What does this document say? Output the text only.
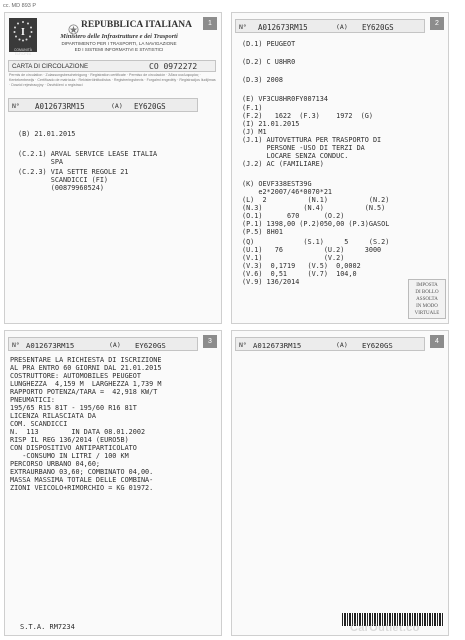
cc. MD 893 P
1
I
COMUNITÀ EUROPEA
REPUBBLICA ITALIANA
Ministero delle Infrastrutture e dei Trasporti
DIPARTIMENTO PER I TRASPORTI, LA NAVIGAZIONE
ED I SISTEMI INFORMATIVI E STATISTICI
CARTA DI CIRCOLAZIONE	CO 0972272
Permis de circulation · Zulassungsbescheinigung · Registration certificate · Permiso de circulación · Άδεια κυκλοφορίας · Kentekenbewijs · Certificado de matrícula · Rekisteröintitodistus · Registreringsbevis · Forgalmi engedély · Registracijos liudijimas · Dowód rejestracyjny · Osvědčení o registraci
N° A012673RM15	(A) EY620GS
(B) 21.01.2015
(C.2.1) ARVAL SERVICE LEASE ITALIA
SPA
(C.2.3) VIA SETTE REGOLE 21
SCANDICCI (FI)
(00879960524)
2
N° A012673RM15	(A) EY620GS
(D.1) PEUGEOT
(D.2) C U8HR0
(D.3) 2008
(E) VF3CU8HR0FY007134
(F.1)
(F.2)   1622  (F.3)    1972  (G)
(I) 21.01.2015
(J) M1
(J.1) AUTOVETTURA PER TRASPORTO DI
PERSONE -USO DI TERZI DA
LOCARE SENZA CONDUC.
(J.2) AC (FAMILIARE)
(K) OEVF338EST39G
e2*2007/46*0070*21
(L)  2          (N.1)          (N.2)
(N.3)          (N.4)          (N.5)
(O.1)      670      (O.2)
(P.1) 1398,00 (P.2)050,00 (P.3)GASOL
(P.5) 8H01
(Q)            (S.1)     5     (S.2)
(U.1)   76          (U.2)     3000
(V.1)               (V.2)
(V.3)  0,1719   (V.5)  0,0002
(V.6)  0,51     (V.7)  104,0
(V.9) 136/2014	IMPOSTA
DI BOLLO
ASSOLTA
IN MODO
VIRTUALE
3
N° A012673RM15	(A) EY620GS
PRESENTARE LA RICHIESTA DI ISCRIZIONE
AL PRA ENTRO 60 GIORNI DAL 21.01.2015
COSTRUTTORE: AUTOMOBILES PEUGEOT
LUNGHEZZA  4,159 M  LARGHEZZA 1,739 M
RAPPORTO POTENZA/TARA =  42,918 KW/T
PNEUMATICI:
195/65 R15 81T - 195/60 R16 81T
LICENZA RILASCIATA DA
COM. SCANDICCI
N.  113        IN DATA 08.01.2002
RISP IL REG 136/2014 (EURO5B)
CON DISPOSITIVO ANTIPARTICOLATO
-CONSUMO IN LITRI / 100 KM
PERCORSO URBANO 04,60;
EXTRAURBANO 03,60; COMBINATO 04,00.
MASSA MASSIMA TOTALE DELLE COMBINA-
ZIONI VEICOLO+RIMORCHIO = KG 01972.
S.T.A. RM7234
4
N° A012673RM15	(A) EY620GS
CarOutlet.co
